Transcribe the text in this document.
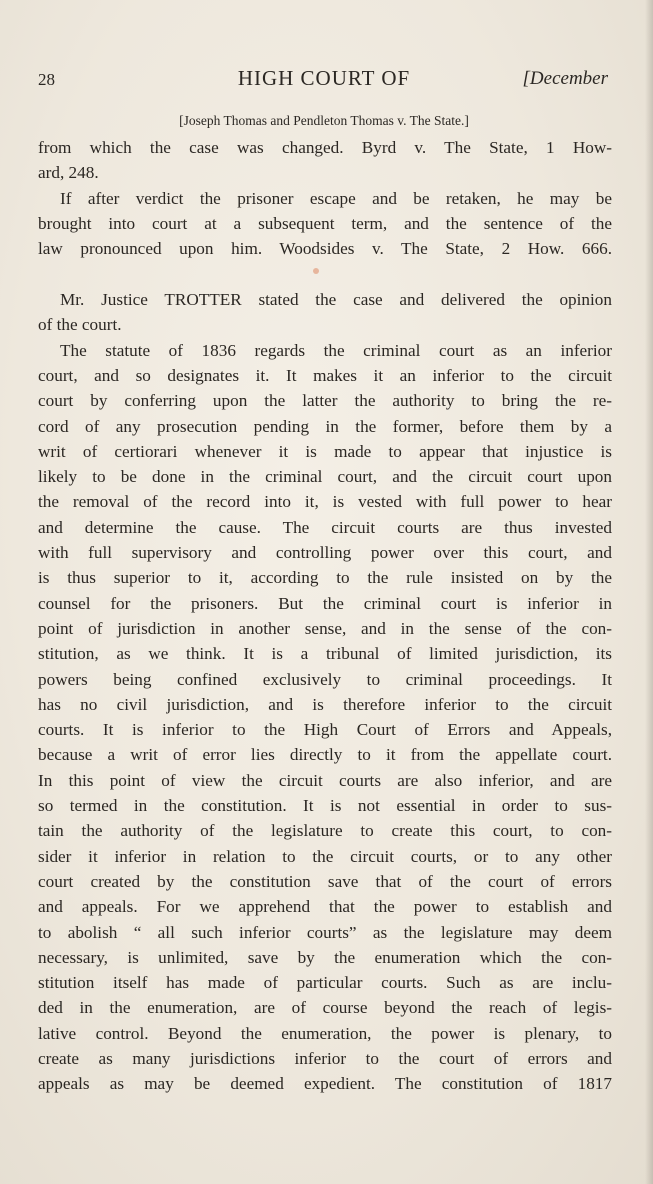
28	HIGH COURT OF	[December
[Joseph Thomas and Pendleton Thomas v. The State.]
from which the case was changed. Byrd v. The State, 1 How-
ard, 248.
If after verdict the prisoner escape and be retaken, he may be
brought into court at a subsequent term, and the sentence of the
law pronounced upon him. Woodsides v. The State, 2 How. 666.
Mr. Justice TROTTER stated the case and delivered the opinion
of the court.
The statute of 1836 regards the criminal court as an inferior
court, and so designates it. It makes it an inferior to the circuit
court by conferring upon the latter the authority to bring the re-
cord of any prosecution pending in the former, before them by a
writ of certiorari whenever it is made to appear that injustice is
likely to be done in the criminal court, and the circuit court upon
the removal of the record into it, is vested with full power to hear
and determine the cause. The circuit courts are thus invested
with full supervisory and controlling power over this court, and
is thus superior to it, according to the rule insisted on by the
counsel for the prisoners. But the criminal court is inferior in
point of jurisdiction in another sense, and in the sense of the con-
stitution, as we think. It is a tribunal of limited jurisdiction, its
powers being confined exclusively to criminal proceedings. It
has no civil jurisdiction, and is therefore inferior to the circuit
courts. It is inferior to the High Court of Errors and Appeals,
because a writ of error lies directly to it from the appellate court.
In this point of view the circuit courts are also inferior, and are
so termed in the constitution. It is not essential in order to sus-
tain the authority of the legislature to create this court, to con-
sider it inferior in relation to the circuit courts, or to any other
court created by the constitution save that of the court of errors
and appeals. For we apprehend that the power to establish and
to abolish “ all such inferior courts” as the legislature may deem
necessary, is unlimited, save by the enumeration which the con-
stitution itself has made of particular courts. Such as are inclu-
ded in the enumeration, are of course beyond the reach of legis-
lative control. Beyond the enumeration, the power is plenary, to
create as many jurisdictions inferior to the court of errors and
appeals as may be deemed expedient. The constitution of 1817
